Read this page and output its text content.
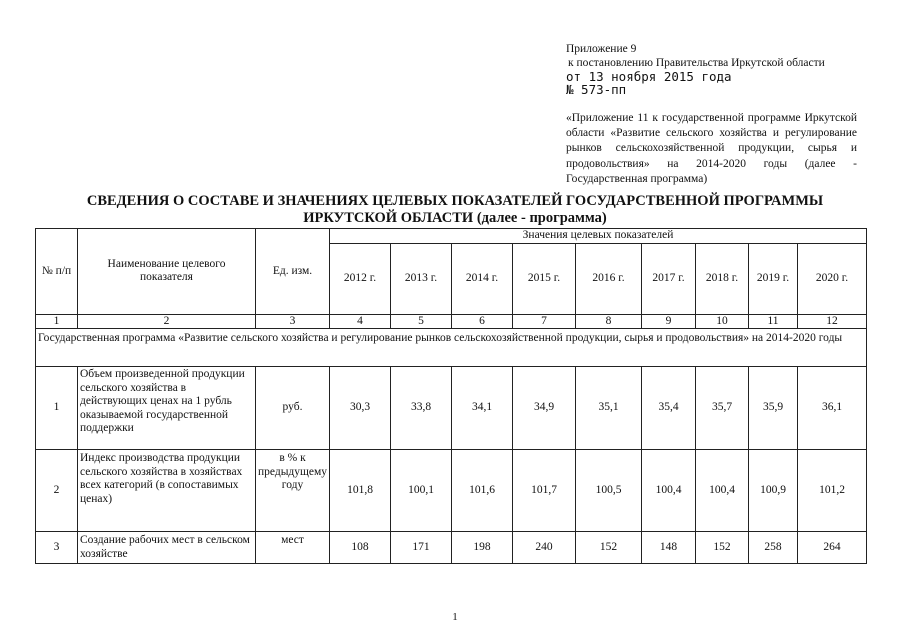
Приложение 9
к постановлению Правительства Иркутской области
от 13 ноября 2015 года
№ 573-пп
«Приложение 11 к государственной программе Иркутской области «Развитие сельского хозяйства и регулирование рынков сельскохозяйственной продукции, сырья и продовольствия» на 2014-2020 годы (далее - Государственная программа)
СВЕДЕНИЯ О СОСТАВЕ И ЗНАЧЕНИЯХ ЦЕЛЕВЫХ ПОКАЗАТЕЛЕЙ ГОСУДАРСТВЕННОЙ ПРОГРАММЫ
ИРКУТСКОЙ ОБЛАСТИ (далее - программа)
№ п/п	Наименование целевого показателя	Ед. изм.	Значения целевых показателей								
			2012 г.	2013 г.	2014 г.	2015 г.	2016 г.	2017 г.	2018 г.	2019 г.	2020 г.
1	2	3	4	5	6	7	8	9	10	11	12
Государственная программа «Развитие сельского хозяйства и регулирование рынков сельскохозяйственной продукции, сырья и продовольствия» на 2014-2020 годы											
1	Объем произведенной продукции сельского хозяйства в действующих ценах на 1 рубль оказываемой государственной поддержки	руб.	30,3	33,8	34,1	34,9	35,1	35,4	35,7	35,9	36,1
2	Индекс производства продукции сельского хозяйства в хозяйствах всех категорий (в сопоставимых ценах)	в % к предыдущему году	101,8	100,1	101,6	101,7	100,5	100,4	100,4	100,9	101,2
3	Создание рабочих мест в сельском хозяйстве	мест	108	171	198	240	152	148	152	258	264
1
